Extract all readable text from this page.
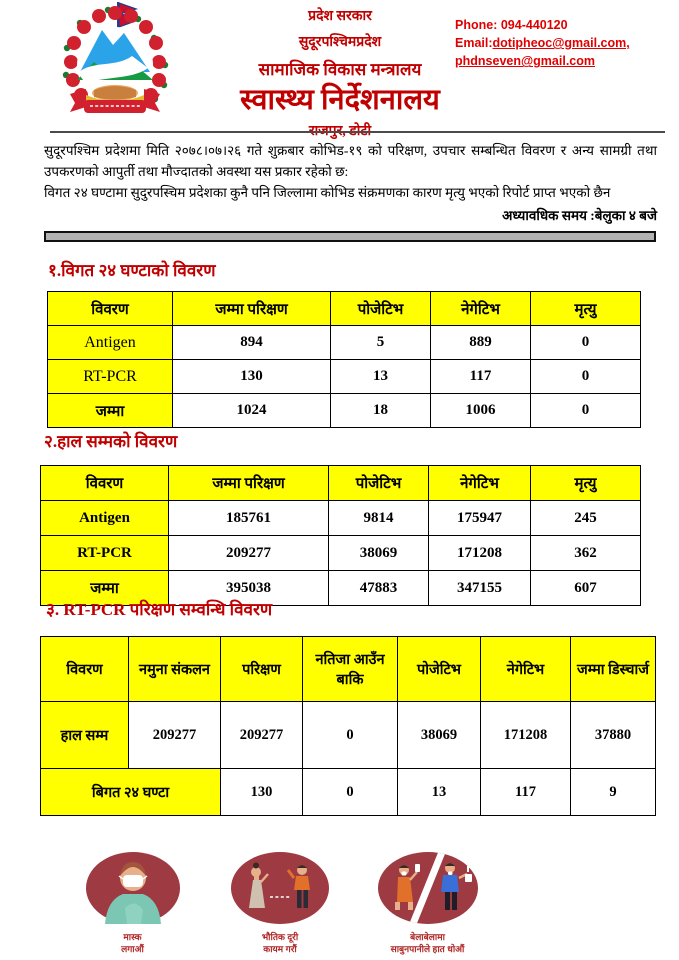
प्रदेश सरकार

सुदूरपश्चिमप्रदेश

सामाजिक विकास मन्त्रालय

स्वास्थ्य निर्देशनालय

राजपुर, डोटी

Phone: 094-440120
Email:dotipheoc@gmail.com,
phdnseven@gmail.com

सुदूरपश्चिम प्रदेशमा मिति २०७८।०७।२६ गते शुक्रबार कोभिड-१९ को परिक्षण, उपचार सम्बन्धित विवरण र अन्य सामग्री तथा उपकरणको आपुर्ती तथा मौज्दातको अवस्था यस प्रकार रहेको छ:

विगत २४ घण्टामा सुदुरपस्चिम प्रदेशका कुनै पनि जिल्लामा कोभिड संक्रमणका कारण मृत्यु भएको रिपोर्ट प्राप्त भएको छैन

अध्यावधिक समय :बेलुका ४ बजे
१.विगत २४ घण्टाको विवरण
विवरण	जम्मा परिक्षण	पोजेटिभ	नेगेटिभ	मृत्यु
Antigen	894	5	889	0
RT-PCR	130	13	117	0
जम्मा	1024	18	1006	0
२.हाल सम्मको विवरण
विवरण	जम्मा परिक्षण	पोजेटिभ	नेगेटिभ	मृत्यु
Antigen	185761	9814	175947	245
RT-PCR	209277	38069	171208	362
जम्मा	395038	47883	347155	607
३. RT-PCR परिक्षण सम्वन्धि विवरण
विवरण	नमुना संकलन	परिक्षण	नतिजा आउँन बाकि	पोजेटिभ	नेगेटिभ	जम्मा डिस्चार्ज
हाल सम्म	209277	209277	0	38069	171208	37880
बिगत २४ घण्टा		130	0	13	117	9
मास्क
लगाऔं
भौतिक दूरी
कायम गरौं
बेलाबेलामा
साबुनपानीले हात धोऔं
